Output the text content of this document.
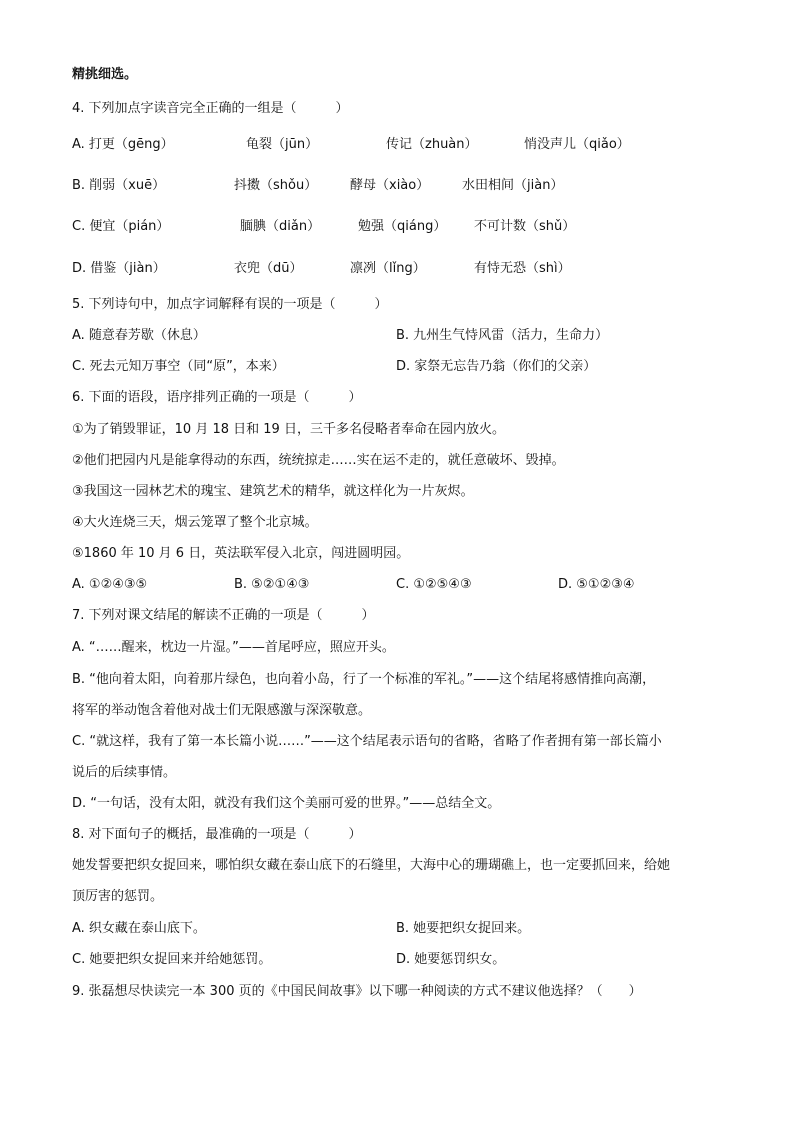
精挑细选。
4. 下列加点字读音完全正确的一组是（　　　）
A. 打更（gēng）	龟裂（jūn）	传记（zhuàn）	悄没声儿（qiǎo）
B. 削弱（xuē）	抖擞（shǒu）	酵母（xiào）	水田相间（jiàn）
C. 便宜（pián）	腼腆（diǎn）	勉强（qiáng） 不可计数（shǔ）
D. 借鉴（jiàn）	衣兜（dū）	凛冽（lǐng）	有恃无恐（shì）
5. 下列诗句中，加点字词解释有误的一项是（　　　）
A. 随意春芳歇（休息）	B. 九州生气恃风雷（活力，生命力）
C. 死去元知万事空（同“原”，本来）	D. 家祭无忘告乃翁（你们的父亲）
6. 下面的语段，语序排列正确的一项是（　　　）
①为了销毁罪证，10 月 18 日和 19 日，三千多名侵略者奉命在园内放火。
②他们把园内凡是能拿得动的东西，统统掠走……实在运不走的，就任意破坏、毁掉。
③我国这一园林艺术的瑰宝、建筑艺术的精华，就这样化为一片灰烬。
④大火连烧三天，烟云笼罩了整个北京城。
⑤1860 年 10 月 6 日，英法联军侵入北京，闯进圆明园。
A. ①②④③⑤	B. ⑤②①④③	C. ①②⑤④③	D. ⑤①②③④
7. 下列对课文结尾的解读不正确的一项是（　　　）
A. “……醒来，枕边一片湿。”——首尾呼应，照应开头。
B. “他向着太阳，向着那片绿色，也向着小岛，行了一个标准的军礼。”——这个结尾将感情推向高潮，
将军的举动饱含着他对战士们无限感激与深深敬意。
C. “就这样，我有了第一本长篇小说……”——这个结尾表示语句的省略，省略了作者拥有第一部长篇小
说后的后续事情。
D. “一句话，没有太阳，就没有我们这个美丽可爱的世界。”——总结全文。
8. 对下面句子的概括，最准确的一项是（　　　）
她发誓要把织女捉回来，哪怕织女藏在泰山底下的石缝里，大海中心的珊瑚礁上，也一定要抓回来，给她
顶厉害的惩罚。
A. 织女藏在泰山底下。	B. 她要把织女捉回来。
C. 她要把织女捉回来并给她惩罚。	D. 她要惩罚织女。
9. 张磊想尽快读完一本 300 页的《中国民间故事》以下哪一种阅读的方式不建议他选择？（　　）
